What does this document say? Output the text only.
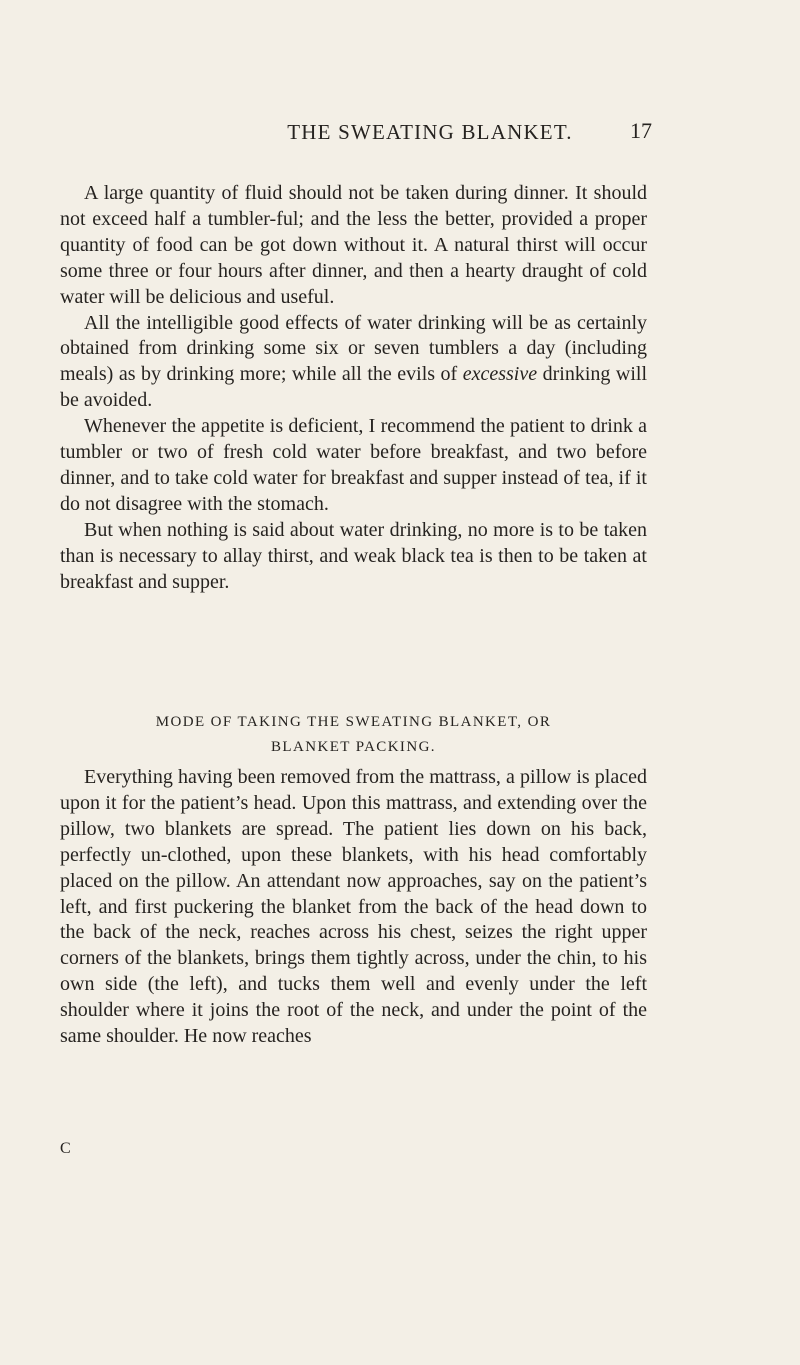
THE SWEATING BLANKET.	17

A large quantity of fluid should not be taken during dinner. It should not exceed half a tumbler-ful; and the less the better, provided a proper quantity of food can be got down without it. A natural thirst will occur some three or four hours after dinner, and then a hearty draught of cold water will be delicious and useful.

All the intelligible good effects of water drinking will be as certainly obtained from drinking some six or seven tumblers a day (including meals) as by drinking more; while all the evils of excessive drinking will be avoided.

Whenever the appetite is deficient, I recommend the patient to drink a tumbler or two of fresh cold water before breakfast, and two before dinner, and to take cold water for breakfast and supper instead of tea, if it do not disagree with the stomach.

But when nothing is said about water drinking, no more is to be taken than is necessary to allay thirst, and weak black tea is then to be taken at breakfast and supper.

MODE OF TAKING THE SWEATING BLANKET, OR
BLANKET PACKING.

Everything having been removed from the mattrass, a pillow is placed upon it for the patient’s head. Upon this mattrass, and extending over the pillow, two blankets are spread. The patient lies down on his back, perfectly un-clothed, upon these blankets, with his head comfortably placed on the pillow. An attendant now approaches, say on the patient’s left, and first puckering the blanket from the back of the head down to the back of the neck, reaches across his chest, seizes the right upper corners of the blankets, brings them tightly across, under the chin, to his own side (the left), and tucks them well and evenly under the left shoulder where it joins the root of the neck, and under the point of the same shoulder. He now reaches

C
